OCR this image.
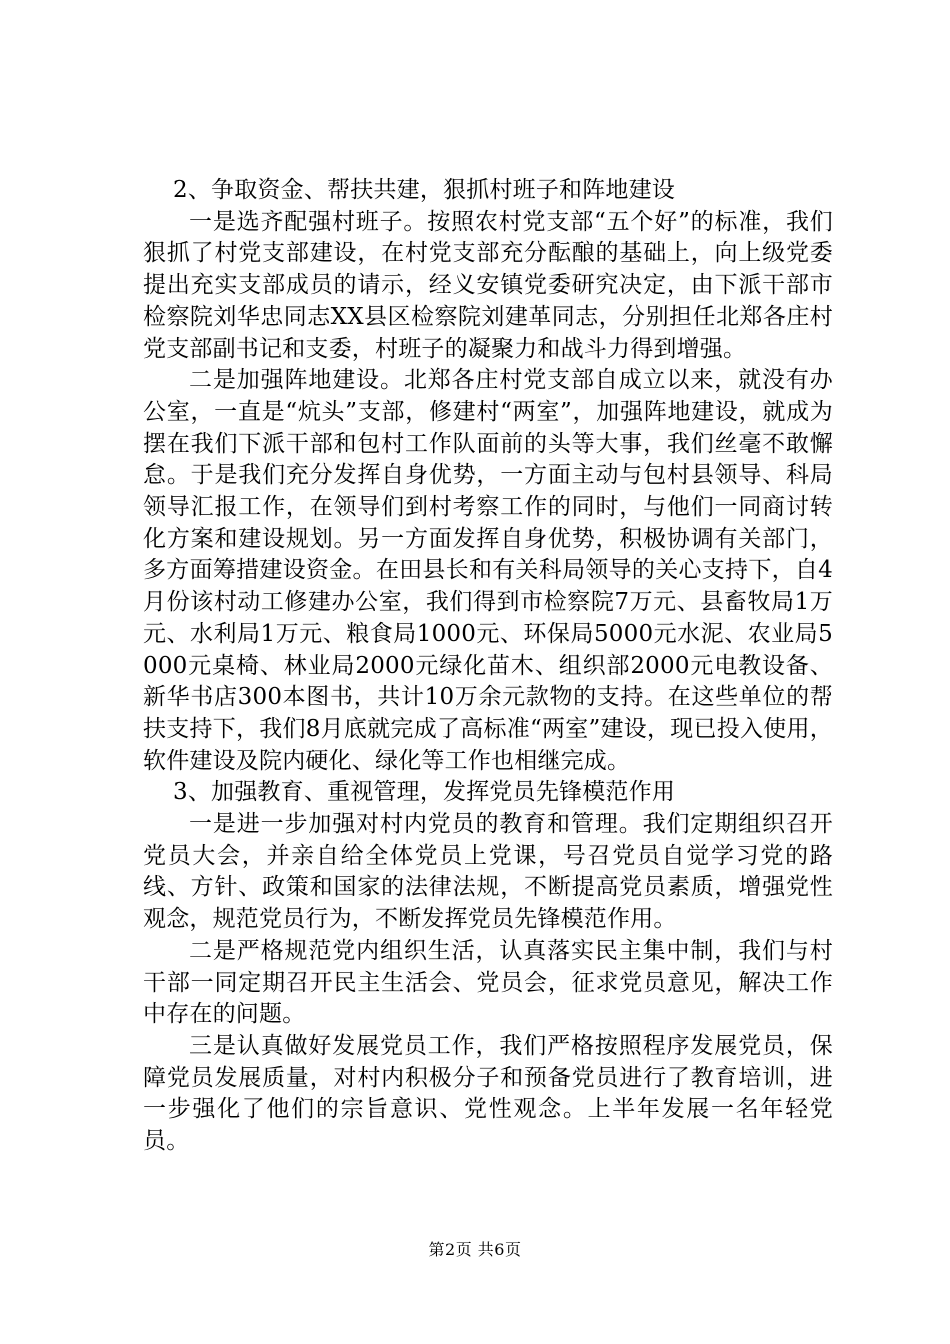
2、争取资金、帮扶共建，狠抓村班子和阵地建设

一是选齐配强村班子。按照农村党支部“五个好”的标准，我们狠抓了村党支部建设，在村党支部充分酝酿的基础上，向上级党委提出充实支部成员的请示，经义安镇党委研究决定，由下派干部市检察院刘华忠同志XX县区检察院刘建革同志，分别担任北郑各庄村党支部副书记和支委，村班子的凝聚力和战斗力得到增强。

二是加强阵地建设。北郑各庄村党支部自成立以来，就没有办公室，一直是“炕头”支部，修建村“两室”，加强阵地建设，就成为摆在我们下派干部和包村工作队面前的头等大事，我们丝毫不敢懈怠。于是我们充分发挥自身优势，一方面主动与包村县领导、科局领导汇报工作，在领导们到村考察工作的同时，与他们一同商讨转化方案和建设规划。另一方面发挥自身优势，积极协调有关部门，多方面筹措建设资金。在田县长和有关科局领导的关心支持下，自4月份该村动工修建办公室，我们得到市检察院7万元、县畜牧局1万元、水利局1万元、粮食局1000元、环保局5000元水泥、农业局5000元桌椅、林业局2000元绿化苗木、组织部2000元电教设备、新华书店300本图书，共计10万余元款物的支持。在这些单位的帮扶支持下，我们8月底就完成了高标准“两室”建设，现已投入使用，软件建设及院内硬化、绿化等工作也相继完成。

3、加强教育、重视管理，发挥党员先锋模范作用

一是进一步加强对村内党员的教育和管理。我们定期组织召开党员大会，并亲自给全体党员上党课，号召党员自觉学习党的路线、方针、政策和国家的法律法规，不断提高党员素质，增强党性观念，规范党员行为，不断发挥党员先锋模范作用。

二是严格规范党内组织生活，认真落实民主集中制，我们与村干部一同定期召开民主生活会、党员会，征求党员意见，解决工作中存在的问题。

三是认真做好发展党员工作，我们严格按照程序发展党员，保障党员发展质量，对村内积极分子和预备党员进行了教育培训，进一步强化了他们的宗旨意识、党性观念。上半年发展一名年轻党员。

第2页 共6页
